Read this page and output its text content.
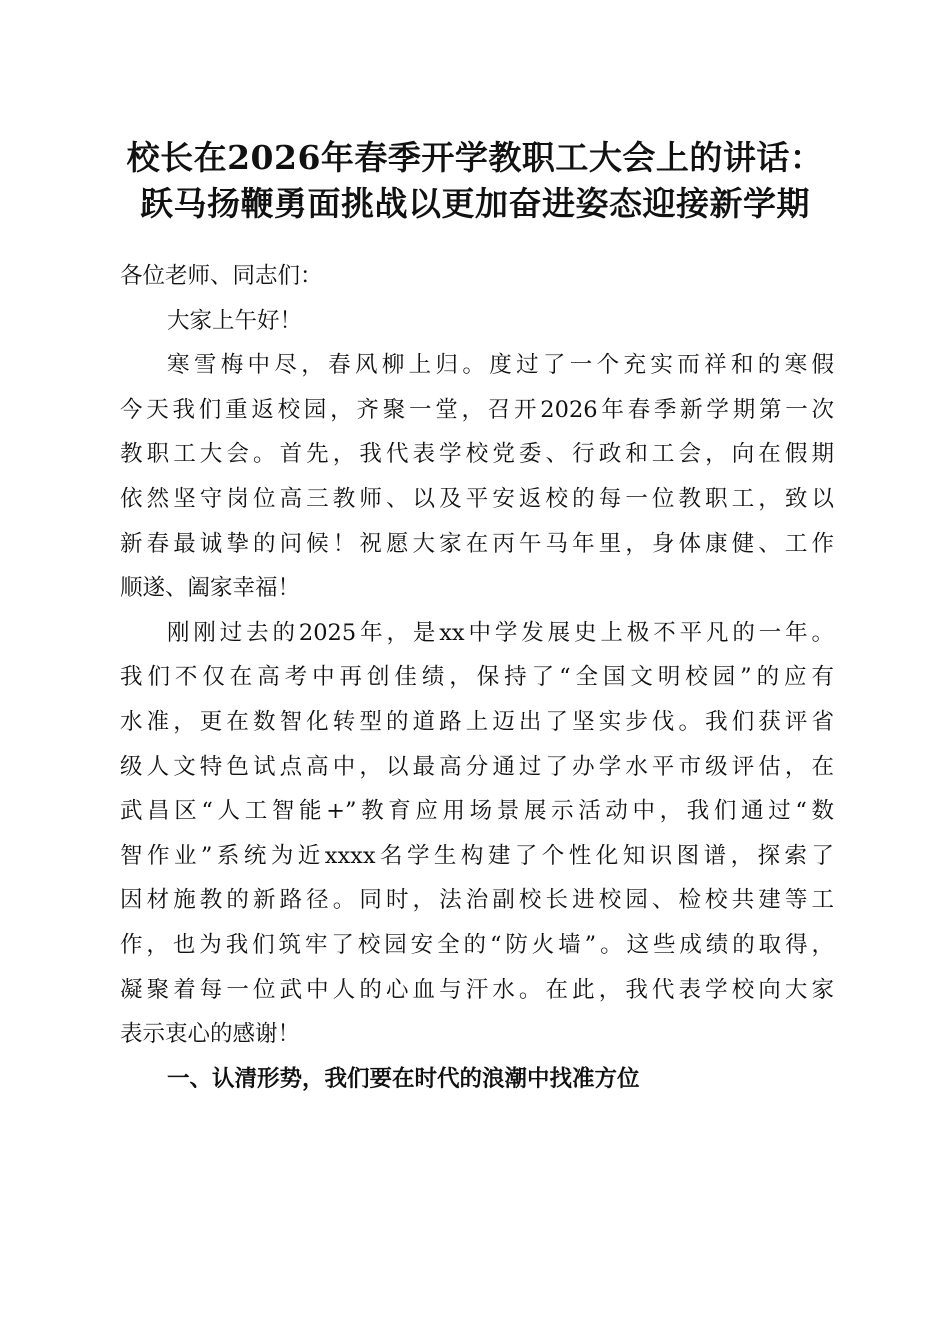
校长在2026年春季开学教职工大会上的讲话：
跃马扬鞭勇面挑战以更加奋进姿态迎接新学期
各位老师、同志们：
大家上午好！
寒雪梅中尽，春风柳上归。度过了一个充实而祥和的寒假
今天我们重返校园，齐聚一堂，召开2026年春季新学期第一次
教职工大会。首先，我代表学校党委、行政和工会，向在假期
依然坚守岗位高三教师、以及平安返校的每一位教职工，致以
新春最诚挚的问候！祝愿大家在丙午马年里，身体康健、工作
顺遂、阖家幸福！
刚刚过去的2025年，是xx中学发展史上极不平凡的一年。
我们不仅在高考中再创佳绩，保持了“全国文明校园”的应有
水准，更在数智化转型的道路上迈出了坚实步伐。我们获评省
级人文特色试点高中，以最高分通过了办学水平市级评估，在
武昌区“人工智能+”教育应用场景展示活动中，我们通过“数
智作业”系统为近xxxx名学生构建了个性化知识图谱，探索了
因材施教的新路径。同时，法治副校长进校园、检校共建等工
作，也为我们筑牢了校园安全的“防火墙”。这些成绩的取得，
凝聚着每一位武中人的心血与汗水。在此，我代表学校向大家
表示衷心的感谢！
一、认清形势，我们要在时代的浪潮中找准方位
